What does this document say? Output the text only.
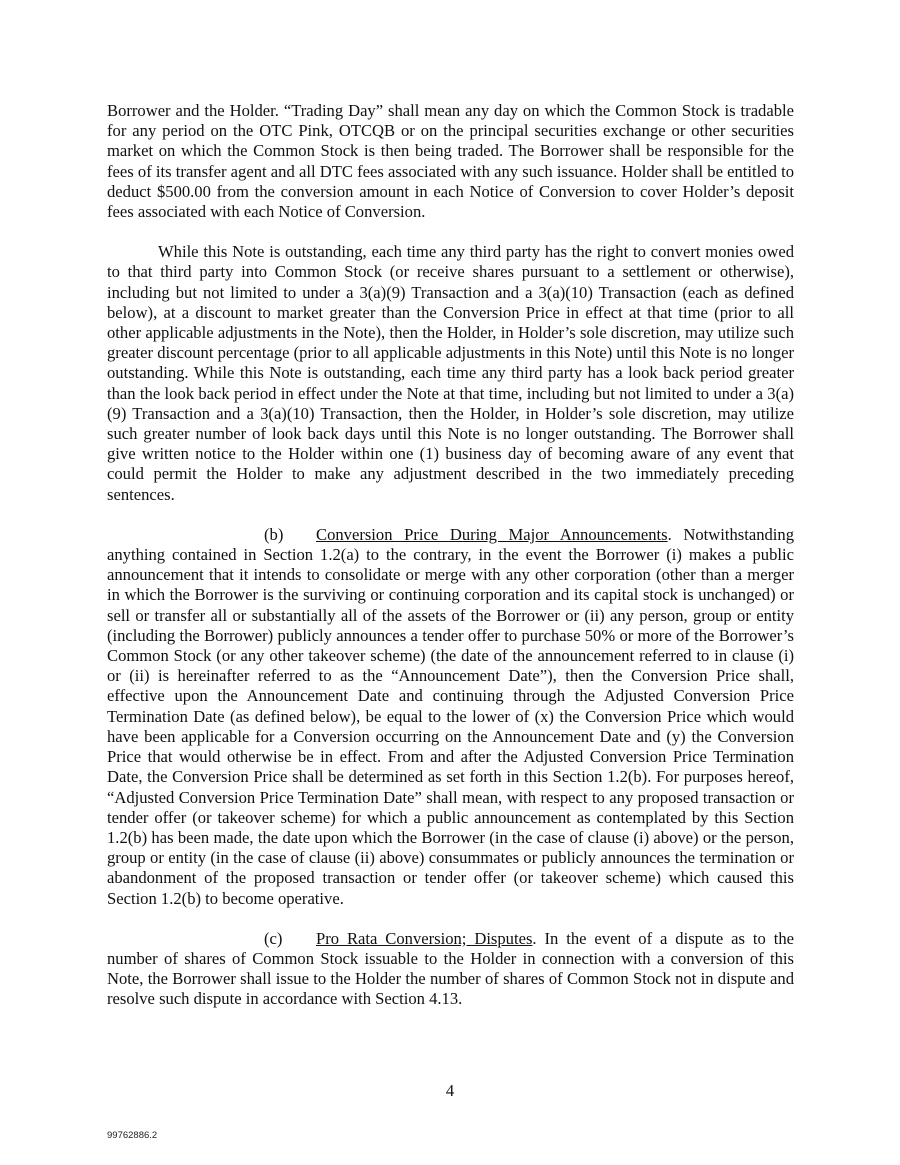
Borrower and the Holder. “Trading Day” shall mean any day on which the Common Stock is tradable for any period on the OTC Pink, OTCQB or on the principal securities exchange or other securities market on which the Common Stock is then being traded. The Borrower shall be responsible for the fees of its transfer agent and all DTC fees associated with any such issuance. Holder shall be entitled to deduct $500.00 from the conversion amount in each Notice of Conversion to cover Holder’s deposit fees associated with each Notice of Conversion.

While this Note is outstanding, each time any third party has the right to convert monies owed to that third party into Common Stock (or receive shares pursuant to a settlement or otherwise), including but not limited to under a 3(a)(9) Transaction and a 3(a)(10) Transaction (each as defined below), at a discount to market greater than the Conversion Price in effect at that time (prior to all other applicable adjustments in the Note), then the Holder, in Holder’s sole discretion, may utilize such greater discount percentage (prior to all applicable adjustments in this Note) until this Note is no longer outstanding. While this Note is outstanding, each time any third party has a look back period greater than the look back period in effect under the Note at that time, including but not limited to under a 3(a)(9) Transaction and a 3(a)(10) Transaction, then the Holder, in Holder’s sole discretion, may utilize such greater number of look back days until this Note is no longer outstanding. The Borrower shall give written notice to the Holder within one (1) business day of becoming aware of any event that could permit the Holder to make any adjustment described in the two immediately preceding sentences.

(b) Conversion Price During Major Announcements. Notwithstanding anything contained in Section 1.2(a) to the contrary, in the event the Borrower (i) makes a public announcement that it intends to consolidate or merge with any other corporation (other than a merger in which the Borrower is the surviving or continuing corporation and its capital stock is unchanged) or sell or transfer all or substantially all of the assets of the Borrower or (ii) any person, group or entity (including the Borrower) publicly announces a tender offer to purchase 50% or more of the Borrower’s Common Stock (or any other takeover scheme) (the date of the announcement referred to in clause (i) or (ii) is hereinafter referred to as the “Announcement Date”), then the Conversion Price shall, effective upon the Announcement Date and continuing through the Adjusted Conversion Price Termination Date (as defined below), be equal to the lower of (x) the Conversion Price which would have been applicable for a Conversion occurring on the Announcement Date and (y) the Conversion Price that would otherwise be in effect. From and after the Adjusted Conversion Price Termination Date, the Conversion Price shall be determined as set forth in this Section 1.2(b). For purposes hereof, “Adjusted Conversion Price Termination Date” shall mean, with respect to any proposed transaction or tender offer (or takeover scheme) for which a public announcement as contemplated by this Section 1.2(b) has been made, the date upon which the Borrower (in the case of clause (i) above) or the person, group or entity (in the case of clause (ii) above) consummates or publicly announces the termination or abandonment of the proposed transaction or tender offer (or takeover scheme) which caused this Section 1.2(b) to become operative.

(c) Pro Rata Conversion; Disputes. In the event of a dispute as to the number of shares of Common Stock issuable to the Holder in connection with a conversion of this Note, the Borrower shall issue to the Holder the number of shares of Common Stock not in dispute and resolve such dispute in accordance with Section 4.13.

4
99762886.2
